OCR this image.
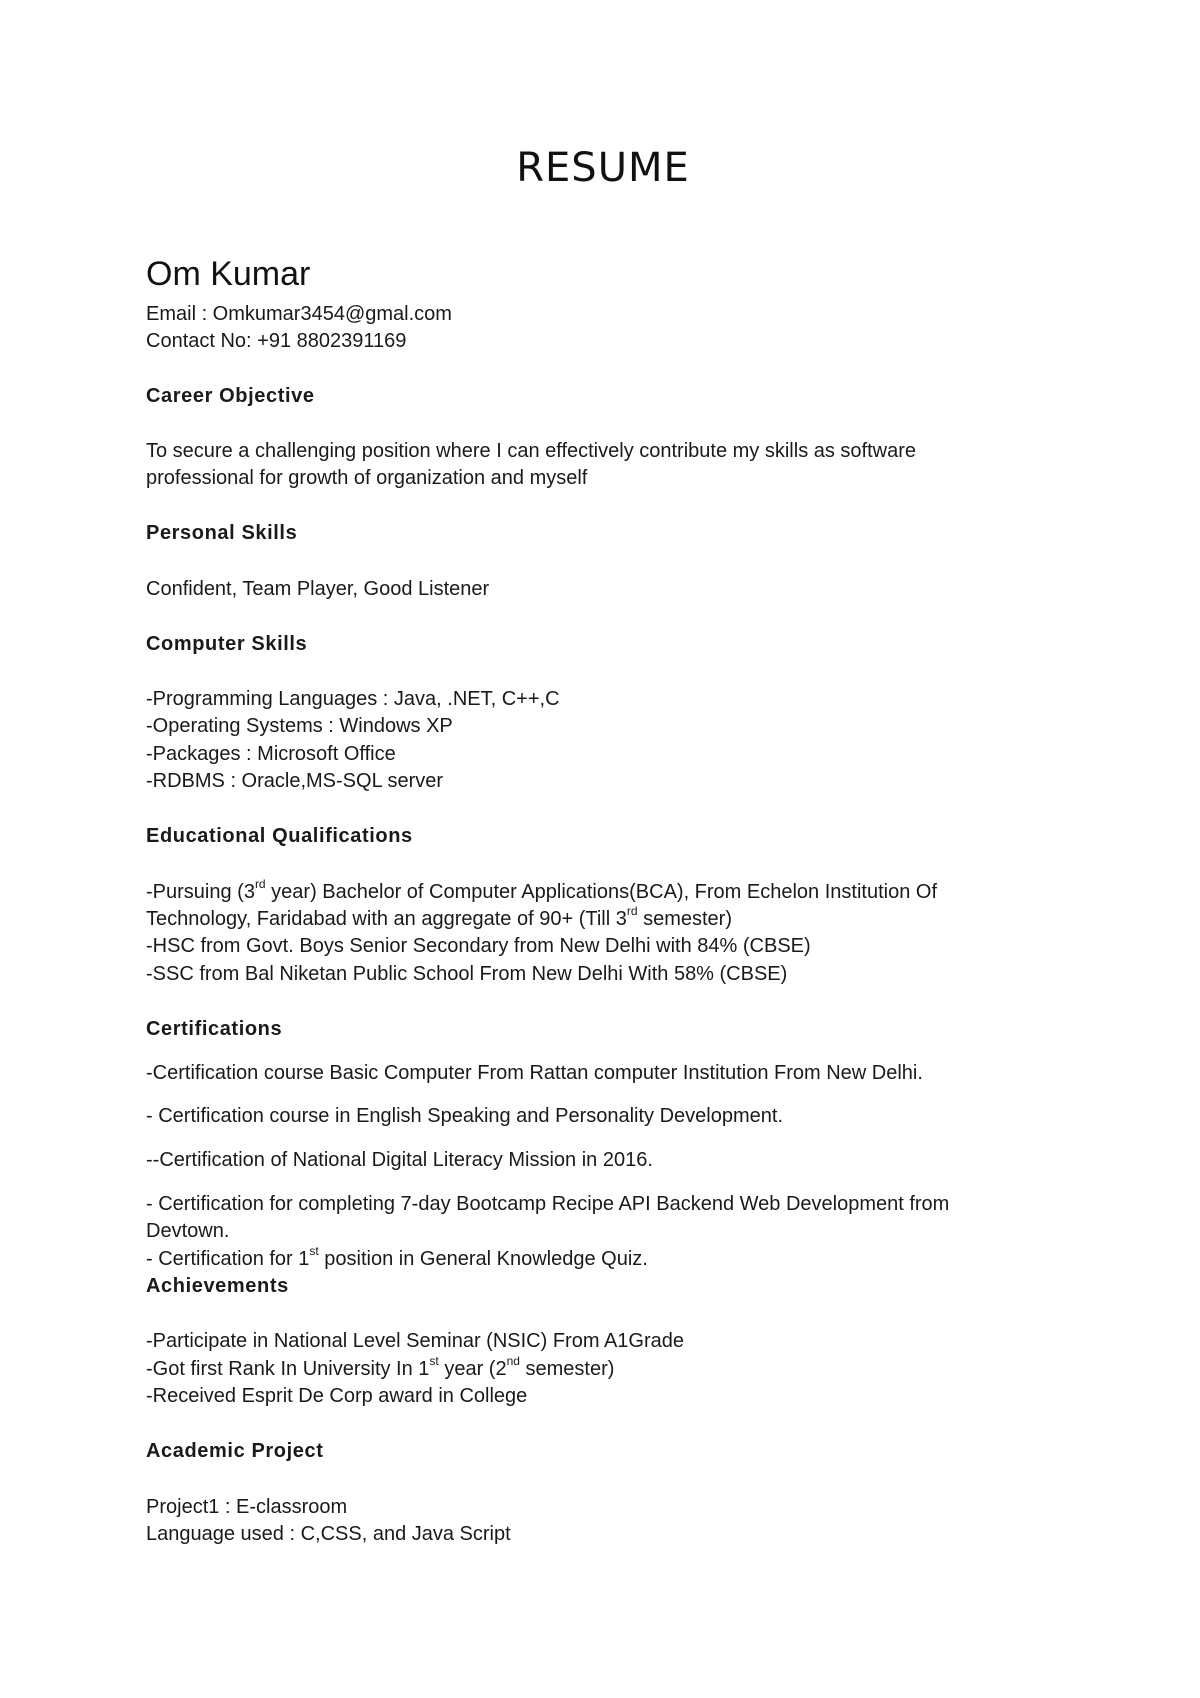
RESUME
Om Kumar

Email : Omkumar3454@gmal.com

Contact No: +91 8802391169

Career Objective

To secure a challenging position where I can effectively contribute my skills as software

professional for growth of organization and myself

Personal Skills

Confident, Team Player, Good Listener

Computer Skills

-Programming Languages : Java, .NET, C++,C

-Operating Systems : Windows XP

-Packages : Microsoft Office

-RDBMS : Oracle,MS-SQL server

Educational Qualifications

-Pursuing (3rd year) Bachelor of Computer Applications(BCA), From Echelon Institution Of

Technology, Faridabad with an aggregate of 90+ (Till 3rd semester)

-HSC from Govt. Boys Senior Secondary from New Delhi with 84% (CBSE)

-SSC from Bal Niketan Public School From New Delhi With 58% (CBSE)

Certifications

-Certification course Basic Computer From Rattan computer Institution From New Delhi.

- Certification course in English Speaking and Personality Development.

--Certification of National Digital Literacy Mission in 2016.

- Certification for completing 7-day Bootcamp Recipe API Backend Web Development from

Devtown.

- Certification for 1st position in General Knowledge Quiz.

Achievements

-Participate in National Level Seminar (NSIC) From A1Grade

-Got first Rank In University In 1st year (2nd semester)

-Received Esprit De Corp award in College

Academic Project

Project1 : E-classroom

Language used : C,CSS, and Java Script
